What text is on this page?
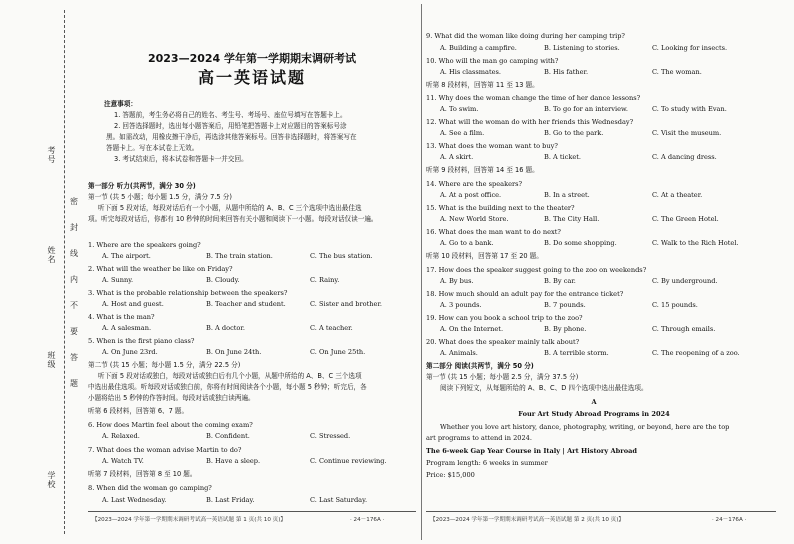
考号
姓名
班级
学校
密
封
线
内
不
要
答
题
2023—2024 学年第一学期期末调研考试
高一英语试题
注意事项：
1. 答题前，考生务必将自己的姓名、考生号、考场号、座位号填写在答题卡上。
2. 回答选择题时，选出每小题答案后，用铅笔把答题卡上对应题目的答案标号涂
黑。如需改动，用橡皮擦干净后，再选涂其他答案标号。回答非选择题时，将答案写在
答题卡上。写在本试卷上无效。
3. 考试结束后，将本试卷和答题卡一并交回。
第一部分 听力(共两节，满分 30 分)
第一节 (共 5 小题；每小题 1.5 分，满分 7.5 分)
听下面 5 段对话，每段对话后有一个小题，从题中所给的 A、B、C 三个选项中选出最佳选
项。听完每段对话后，你都有 10 秒钟的时间来回答有关小题和阅读下一小题。每段对话仅读一遍。
1. Where are the speakers going?
A. The airport.	B. The train station.	C. The bus station.
2. What will the weather be like on Friday?
A. Sunny.	B. Cloudy.	C. Rainy.
3. What is the probable relationship between the speakers?
A. Host and guest.	B. Teacher and student.	C. Sister and brother.
4. What is the man?
A. A salesman.	B. A doctor.	C. A teacher.
5. When is the first piano class?
A. On June 23rd.	B. On June 24th.	C. On June 25th.
第二节 (共 15 小题；每小题 1.5 分，满分 22.5 分)
听下面 5 段对话或独白，每段对话或独白后有几个小题，从题中所给的 A、B、C 三个选项
中选出最佳选项。听每段对话或独白前，你将有时间阅读各个小题，每小题 5 秒钟；听完后，各
小题将给出 5 秒钟的作答时间。每段对话或独白读两遍。
听第 6 段材料，回答第 6、7 题。
6. How does Martin feel about the coming exam?
A. Relaxed.	B. Confident.	C. Stressed.
7. What does the woman advise Martin to do?
A. Watch TV.	B. Have a sleep.	C. Continue reviewing.
听第 7 段材料，回答第 8 至 10 题。
8. When did the woman go camping?
A. Last Wednesday.	B. Last Friday.	C. Last Saturday.
【2023—2024 学年第一学期期末调研考试高一英语试题 第 1 页(共 10 页)】	· 24－176A ·
9. What did the woman like doing during her camping trip?
A. Building a campfire.	B. Listening to stories.	C. Looking for insects.
10. Who will the man go camping with?
A. His classmates.	B. His father.	C. The woman.
听第 8 段材料，回答第 11 至 13 题。
11. Why does the woman change the time of her dance lessons?
A. To swim.	B. To go for an interview.	C. To study with Evan.
12. What will the woman do with her friends this Wednesday?
A. See a film.	B. Go to the park.	C. Visit the museum.
13. What does the woman want to buy?
A. A skirt.	B. A ticket.	C. A dancing dress.
听第 9 段材料，回答第 14 至 16 题。
14. Where are the speakers?
A. At a post office.	B. In a street.	C. At a theater.
15. What is the building next to the theater?
A. New World Store.	B. The City Hall.	C. The Green Hotel.
16. What does the man want to do next?
A. Go to a bank.	B. Do some shopping.	C. Walk to the Rich Hotel.
听第 10 段材料，回答第 17 至 20 题。
17. How does the speaker suggest going to the zoo on weekends?
A. By bus.	B. By car.	C. By underground.
18. How much should an adult pay for the entrance ticket?
A. 3 pounds.	B. 7 pounds.	C. 15 pounds.
19. How can you book a school trip to the zoo?
A. On the Internet.	B. By phone.	C. Through emails.
20. What does the speaker mainly talk about?
A. Animals.	B. A terrible storm.	C. The reopening of a zoo.
第二部分 阅读(共两节，满分 50 分)
第一节 (共 15 小题；每小题 2.5 分，满分 37.5 分)
阅读下列短文，从每题所给的 A、B、C、D 四个选项中选出最佳选项。
A
Four Art Study Abroad Programs in 2024
Whether you love art history, dance, photography, writing, or beyond, here are the top
art programs to attend in 2024.
The 6-week Gap Year Course in Italy | Art History Abroad
Program length: 6 weeks in summer
Price: $15,000
【2023—2024 学年第一学期期末调研考试高一英语试题 第 2 页(共 10 页)】	· 24－176A ·
